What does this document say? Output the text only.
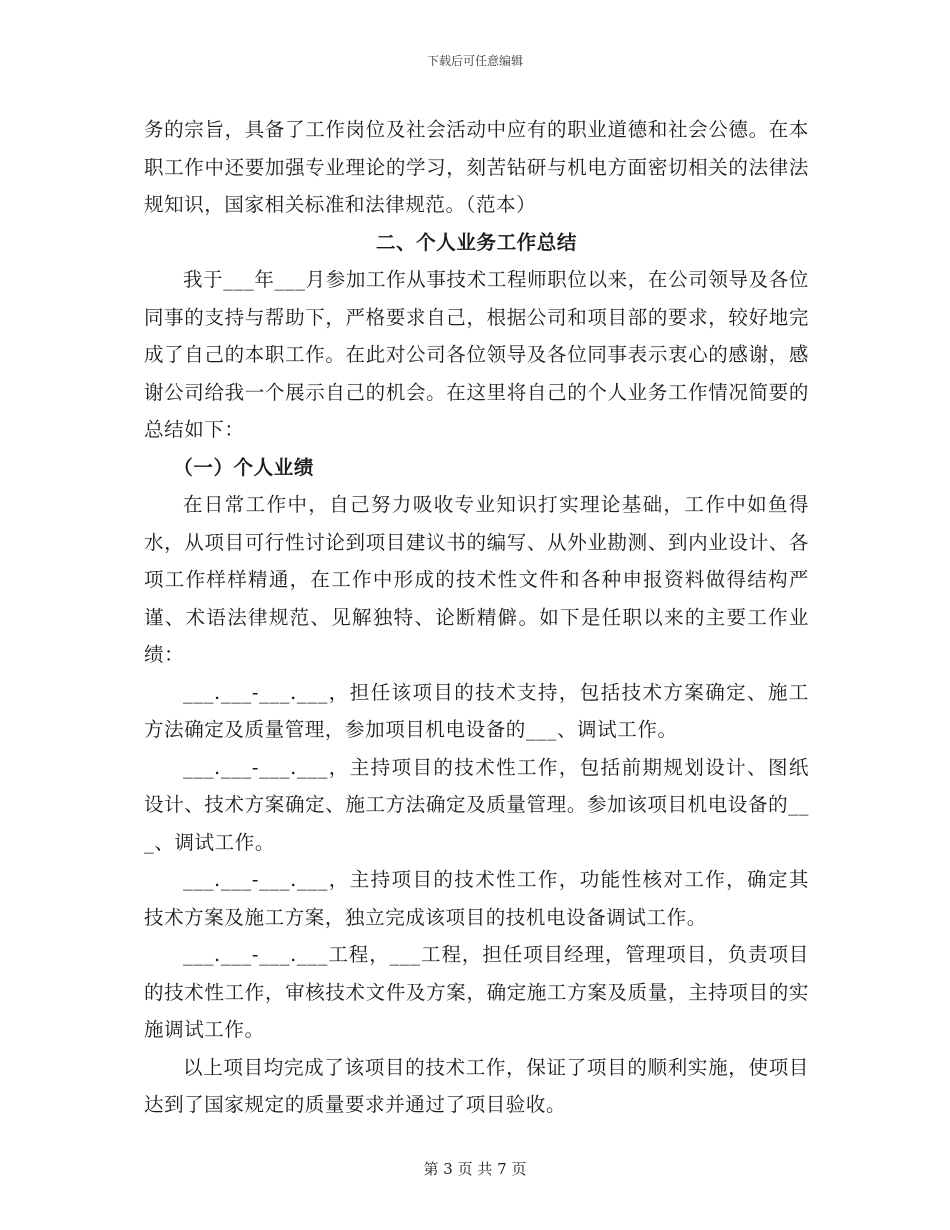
下载后可任意编辑

务的宗旨，具备了工作岗位及社会活动中应有的职业道德和社会公德。在本职工作中还要加强专业理论的学习，刻苦钻研与机电方面密切相关的法律法规知识，国家相关标准和法律规范。（范本）

二、个人业务工作总结

我于___年___月参加工作从事技术工程师职位以来，在公司领导及各位同事的支持与帮助下，严格要求自己，根据公司和项目部的要求，较好地完成了自己的本职工作。在此对公司各位领导及各位同事表示衷心的感谢，感谢公司给我一个展示自己的机会。在这里将自己的个人业务工作情况简要的总结如下：

（一）个人业绩

在日常工作中，自己努力吸收专业知识打实理论基础，工作中如鱼得水，从项目可行性讨论到项目建议书的编写、从外业勘测、到内业设计、各项工作样样精通，在工作中形成的技术性文件和各种申报资料做得结构严谨、术语法律规范、见解独特、论断精僻。如下是任职以来的主要工作业绩：

___.___-___.___，担任该项目的技术支持，包括技术方案确定、施工方法确定及质量管理，参加项目机电设备的___、调试工作。

___.___-___.___，主持项目的技术性工作，包括前期规划设计、图纸设计、技术方案确定、施工方法确定及质量管理。参加该项目机电设备的___、调试工作。

___.___-___.___，主持项目的技术性工作，功能性核对工作，确定其技术方案及施工方案，独立完成该项目的技机电设备调试工作。

___.___-___.___工程，___工程，担任项目经理，管理项目，负责项目的技术性工作，审核技术文件及方案，确定施工方案及质量，主持项目的实施调试工作。

以上项目均完成了该项目的技术工作，保证了项目的顺利实施，使项目达到了国家规定的质量要求并通过了项目验收。

第 3 页 共 7 页
